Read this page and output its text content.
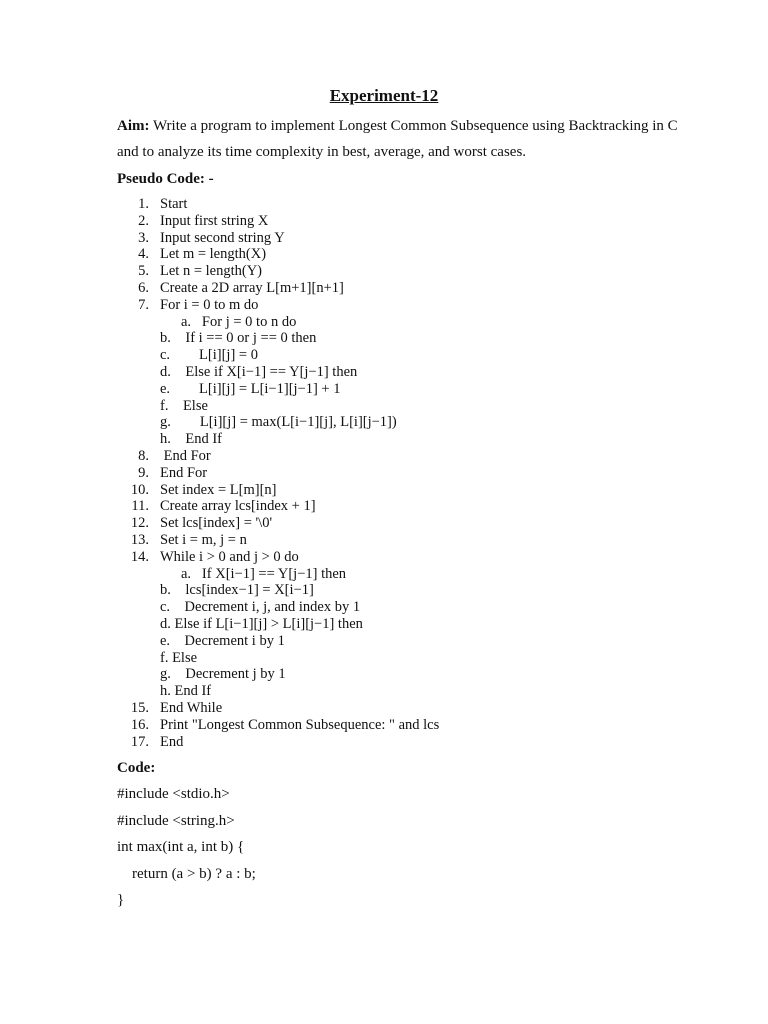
Experiment-12
Aim: Write a program to implement Longest Common Subsequence using Backtracking in C
and to analyze its time complexity in best, average, and worst cases.
Pseudo Code: -
1. Start
2. Input first string X
3. Input second string Y
4. Let m = length(X)
5. Let n = length(Y)
6. Create a 2D array L[m+1][n+1]
7. For i = 0 to m do
a.   For j = 0 to n do
b.    If i == 0 or j == 0 then
c.        L[i][j] = 0
d.    Else if X[i−1] == Y[j−1] then
e.        L[i][j] = L[i−1][j−1] + 1
f.    Else
g.        L[i][j] = max(L[i−1][j], L[i][j−1])
h.    End If
8. End For
9. End For
10. Set index = L[m][n]
11. Create array lcs[index + 1]
12. Set lcs[index] = '\0'
13. Set i = m, j = n
14. While i > 0 and j > 0 do
a.   If X[i−1] == Y[j−1] then
b.    lcs[index−1] = X[i−1]
c.    Decrement i, j, and index by 1
d. Else if L[i−1][j] > L[i][j−1] then
e.    Decrement i by 1
f. Else
g.    Decrement j by 1
h. End If
15. End While
16. Print "Longest Common Subsequence: " and lcs
17. End
Code:
#include <stdio.h>
#include <string.h>
int max(int a, int b) {
return (a > b) ? a : b;
}
